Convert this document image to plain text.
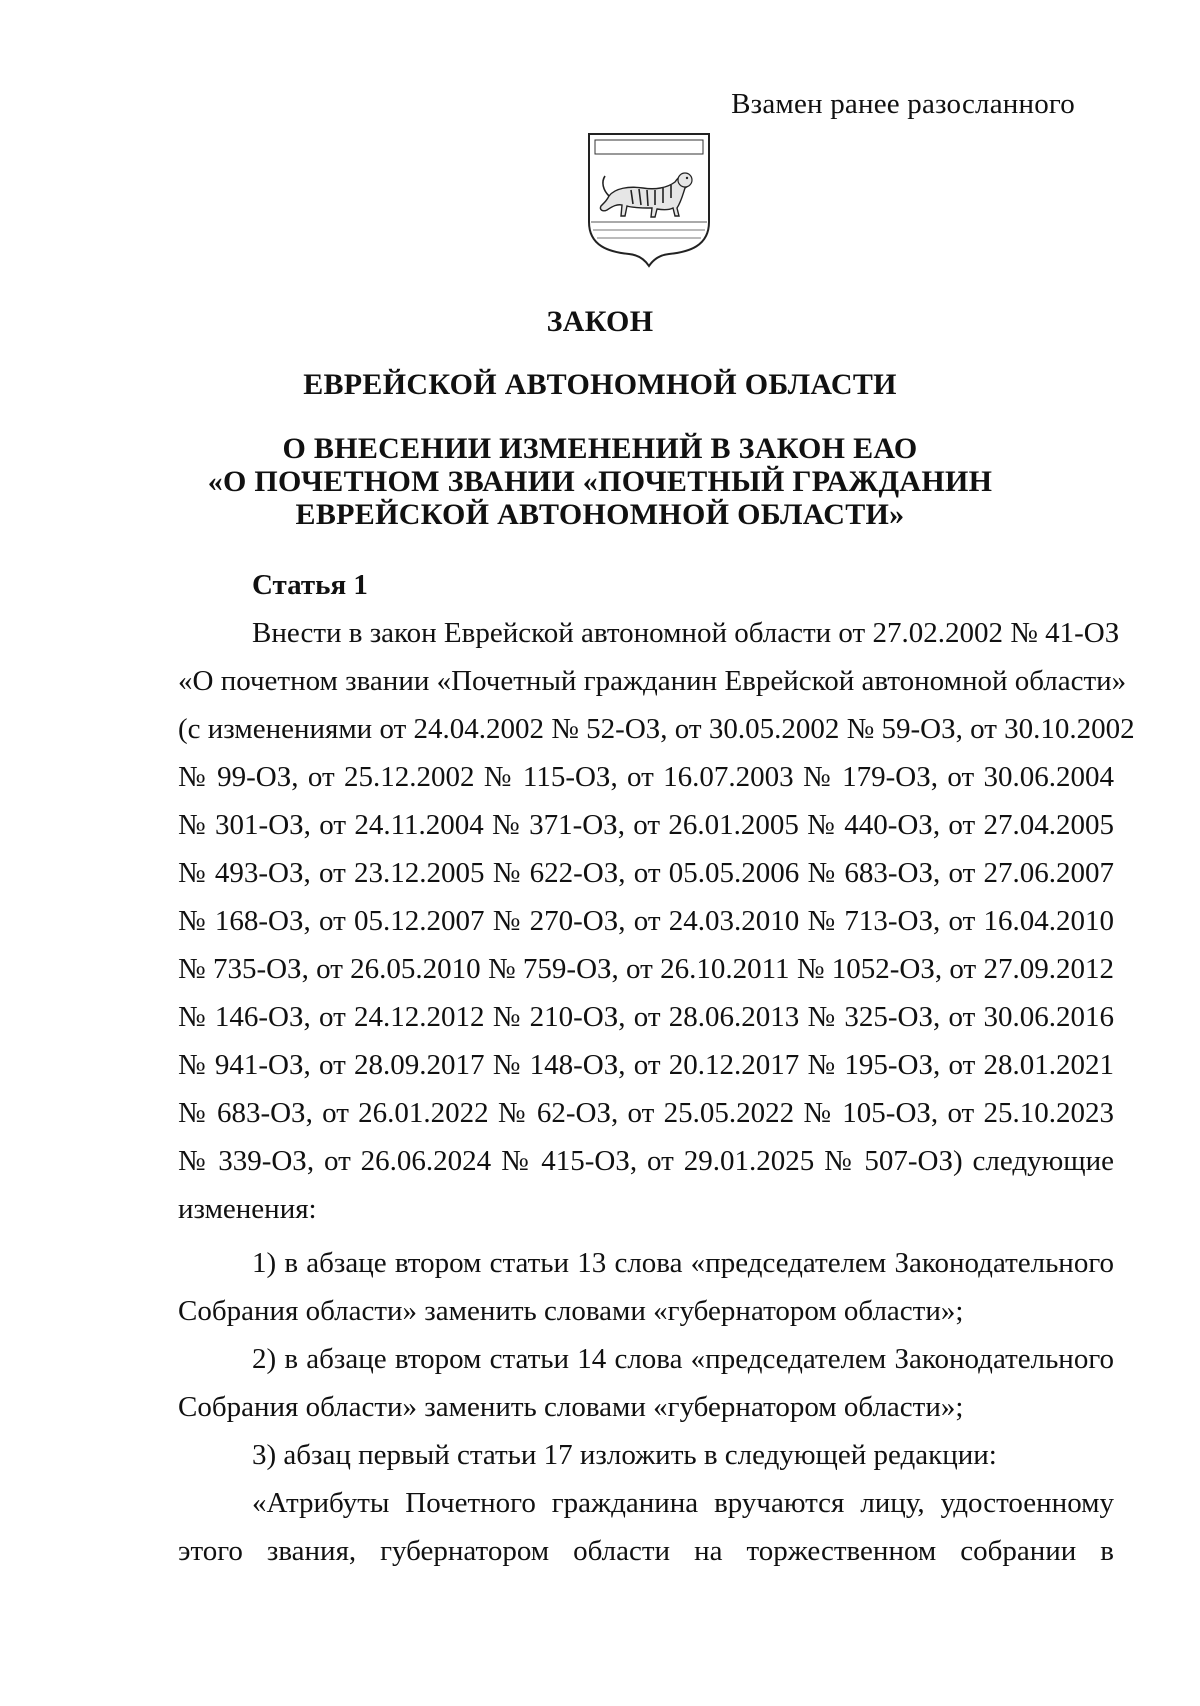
Взамен ранее разосланного
ЗАКОН
ЕВРЕЙСКОЙ АВТОНОМНОЙ ОБЛАСТИ
О ВНЕСЕНИИ ИЗМЕНЕНИЙ В ЗАКОН ЕАО
«О ПОЧЕТНОМ ЗВАНИИ «ПОЧЕТНЫЙ ГРАЖДАНИН
ЕВРЕЙСКОЙ АВТОНОМНОЙ ОБЛАСТИ»
Статья 1
Внести в закон Еврейской автономной области от 27.02.2002 № 41-ОЗ
«О почетном звании «Почетный гражданин Еврейской автономной области»
(с изменениями от 24.04.2002 № 52-ОЗ, от 30.05.2002 № 59-ОЗ, от 30.10.2002
№ 99-ОЗ, от 25.12.2002 № 115-ОЗ, от 16.07.2003 № 179-ОЗ, от 30.06.2004
№ 301-ОЗ, от 24.11.2004 № 371-ОЗ, от 26.01.2005 № 440-ОЗ, от 27.04.2005
№ 493-ОЗ, от 23.12.2005 № 622-ОЗ, от 05.05.2006 № 683-ОЗ, от 27.06.2007
№ 168-ОЗ, от 05.12.2007 № 270-ОЗ, от 24.03.2010 № 713-ОЗ, от 16.04.2010
№ 735-ОЗ, от 26.05.2010 № 759-ОЗ, от 26.10.2011 № 1052-ОЗ, от 27.09.2012
№ 146-ОЗ, от 24.12.2012 № 210-ОЗ, от 28.06.2013 № 325-ОЗ, от 30.06.2016
№ 941-ОЗ, от 28.09.2017 № 148-ОЗ, от 20.12.2017 № 195-ОЗ, от 28.01.2021
№ 683-ОЗ, от 26.01.2022 № 62-ОЗ, от 25.05.2022 № 105-ОЗ, от 25.10.2023
№ 339-ОЗ, от 26.06.2024 № 415-ОЗ, от 29.01.2025 № 507-ОЗ) следующие
изменения:
1) в абзаце втором статьи 13 слова «председателем Законодательного
Собрания области» заменить словами «губернатором области»;
2) в абзаце втором статьи 14 слова «председателем Законодательного
Собрания области» заменить словами «губернатором области»;
3) абзац первый статьи 17 изложить в следующей редакции:
«Атрибуты Почетного гражданина вручаются лицу, удостоенному
этого звания, губернатором области на торжественном собрании в
